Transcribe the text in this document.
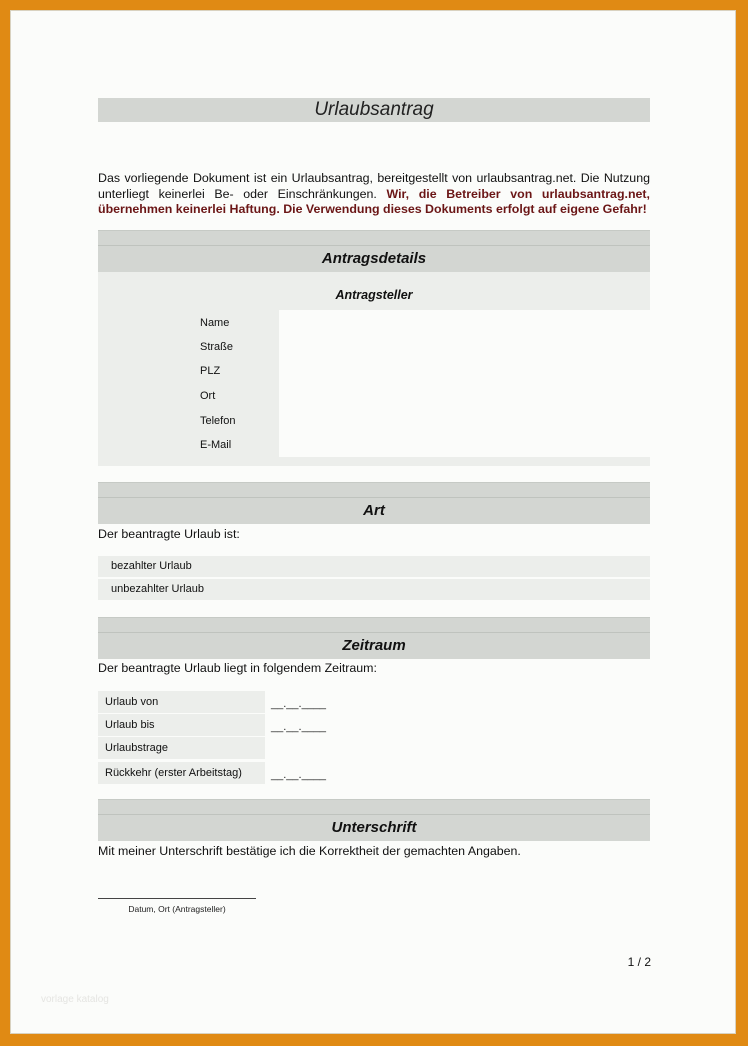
Urlaubsantrag
Das vorliegende Dokument ist ein Urlaubsantrag, bereitgestellt von urlaubsantrag.net. Die Nutzung unterliegt keinerlei Be- oder Einschränkungen. Wir, die Betreiber von urlaubsantrag.net, übernehmen keinerlei Haftung. Die Verwendung dieses Dokuments erfolgt auf eigene Gefahr!
Antragsdetails
Antragsteller
Name
Straße
PLZ
Ort
Telefon
E-Mail
Art
Der beantragte Urlaub ist:
bezahlter Urlaub
unbezahlter Urlaub
Zeitraum
Der beantragte Urlaub liegt in folgendem Zeitraum:
Urlaub von	__.__.____
Urlaub bis	__.__.____
Urlaubstrage
Rückkehr (erster Arbeitstag)	__.__.____
Unterschrift
Mit meiner Unterschrift bestätige ich die Korrektheit der gemachten Angaben.
Datum, Ort (Antragsteller)
1 / 2
vorlage katalog
